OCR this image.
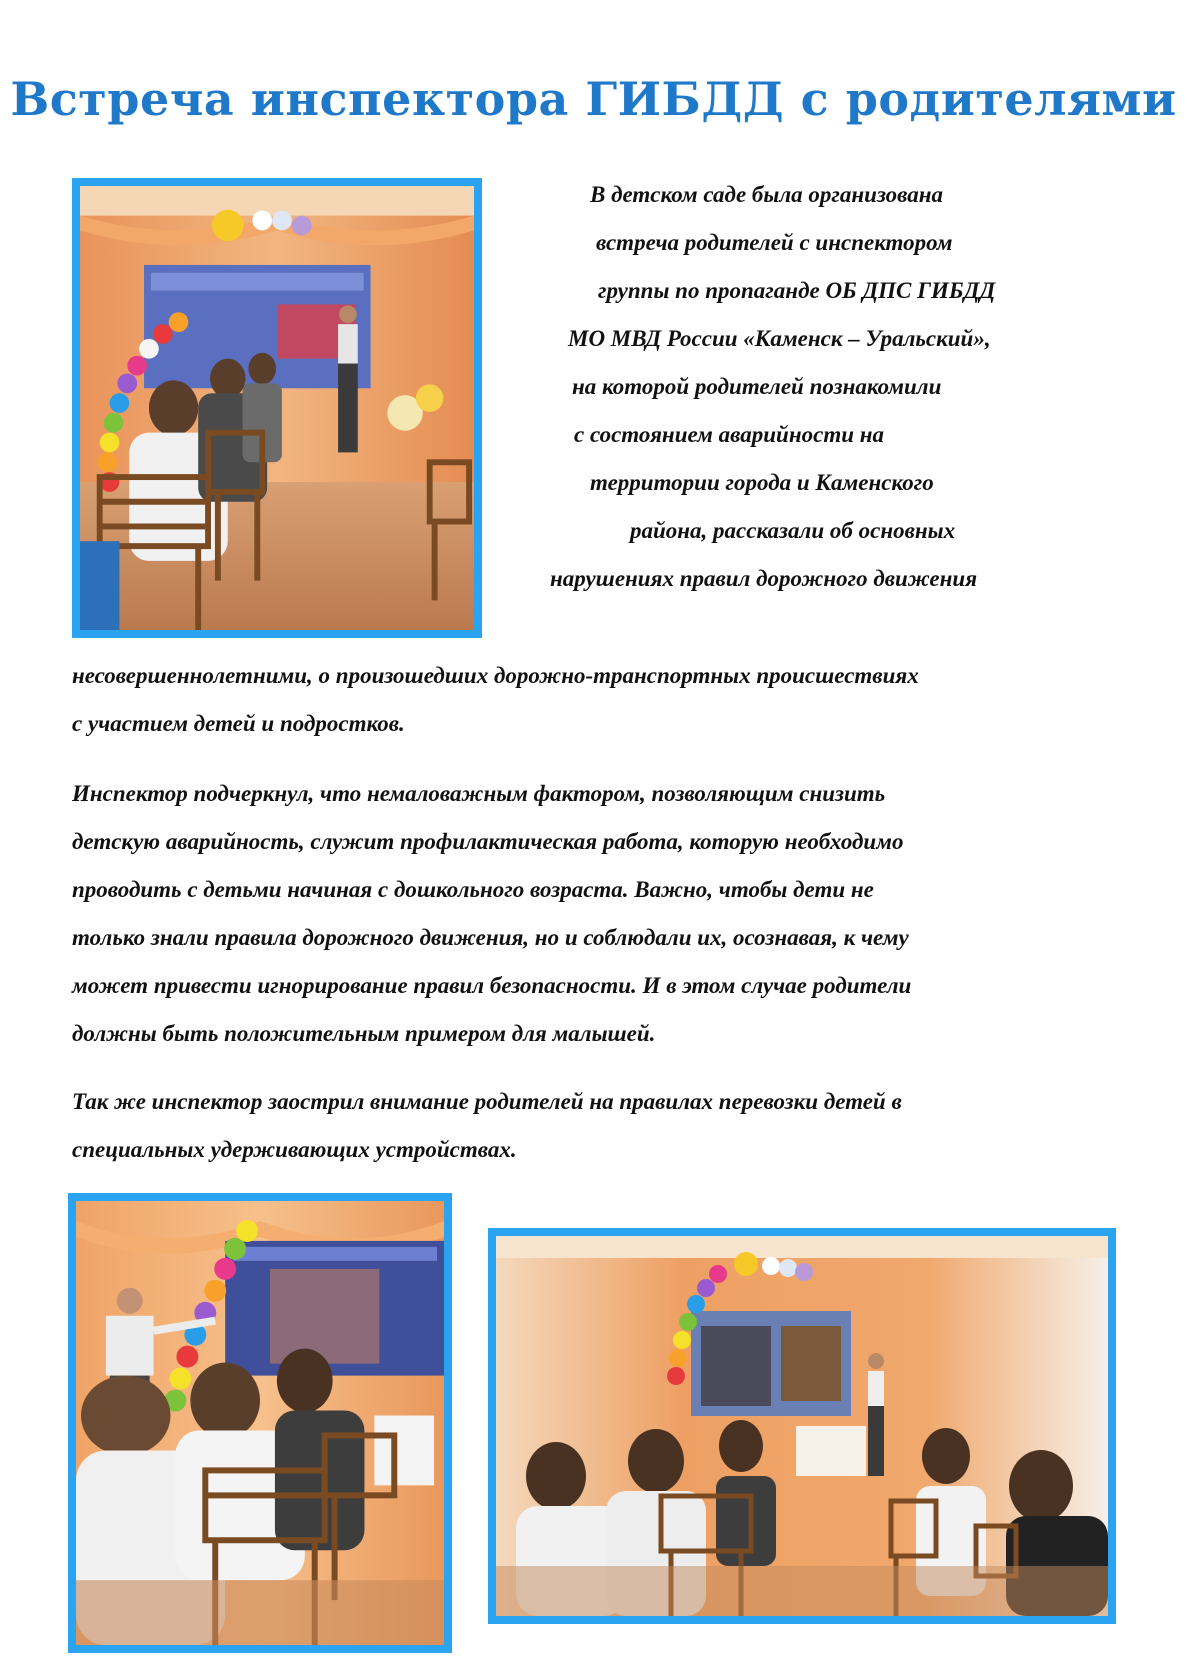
Встреча инспектора ГИБДД с родителями
В детском саде была организована
встреча родителей с инспектором
группы по пропаганде ОБ ДПС ГИБДД
МО МВД России «Каменск – Уральский»,
на которой родителей познакомили
с состоянием аварийности на
территории города и Каменского
района, рассказали об основных
нарушениях правил дорожного движения

несовершеннолетними, о произошедших дорожно-транспортных происшествиях

с участием детей и подростков.

Инспектор подчеркнул, что немаловажным фактором, позволяющим снизить

детскую аварийность, служит профилактическая работа, которую необходимо

проводить с детьми начиная с дошкольного возраста. Важно, чтобы дети не

только знали правила дорожного движения, но и соблюдали их, осознавая, к чему

может привести игнорирование правил безопасности. И в этом случае родители

должны быть положительным примером для малышей.

Так же инспектор заострил внимание родителей на правилах перевозки детей в

специальных удерживающих устройствах.
